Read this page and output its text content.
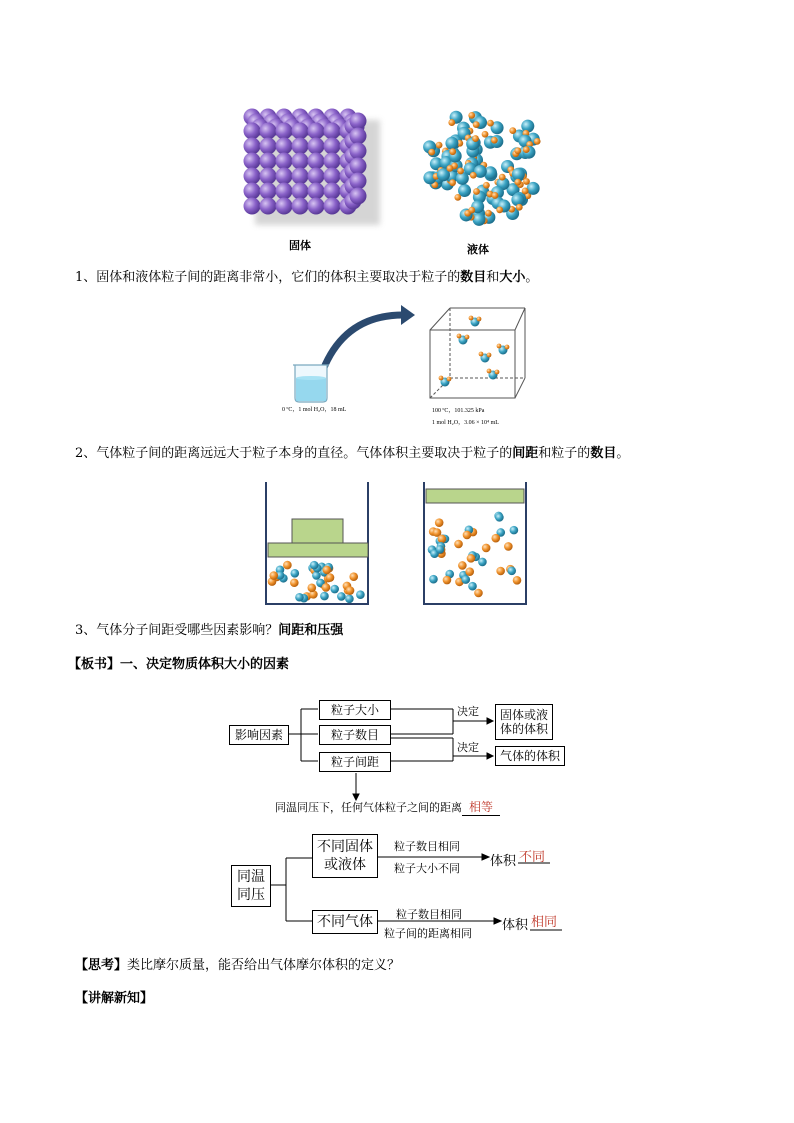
固体	液体
1、固体和液体粒子间的距离非常小，它们的体积主要取决于粒子的数目和大小。
0 ºC，1 mol H₂O，18 mL	100 ºC，101.325 kPa
1 mol H₂O，3.06 × 10⁴ mL
2、气体粒子间的距离远远大于粒子本身的直径。气体体积主要取决于粒子的间距和粒子的数目。
3、气体分子间距受哪些因素影响？间距和压强
【板书】一、决定物质体积大小的因素
影响因素
粒子大小
粒子数目
粒子间距
决定
决定
固体或液体的体积
气体的体积
同温同压下，任何气体粒子之间的距离 相等
同温同压
不同固体或液体
不同气体
粒子数目相同
粒子大小不同
粒子数目相同
粒子间的距离相同
体积 不同
体积 相同
【思考】类比摩尔质量，能否给出气体摩尔体积的定义？
【讲解新知】
